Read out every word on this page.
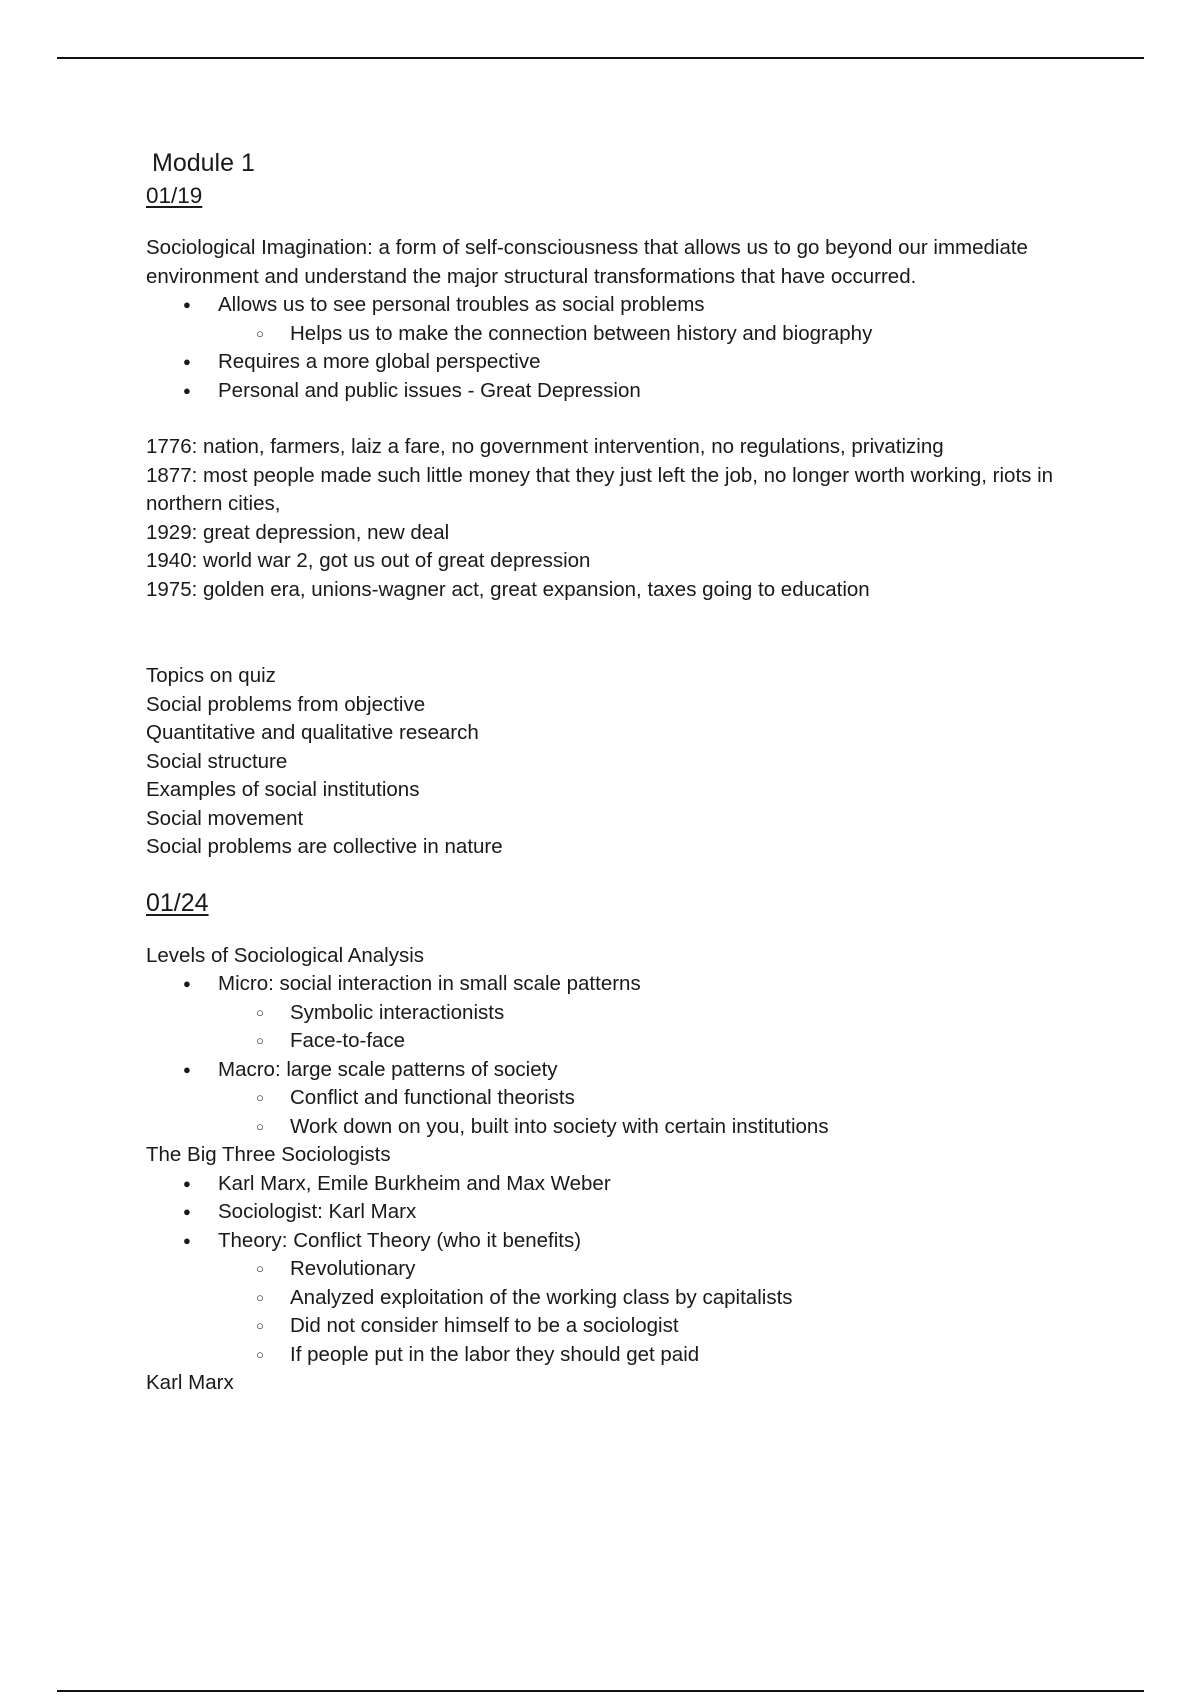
Module 1
01/19

Sociological Imagination: a form of self-consciousness that allows us to go beyond our immediate environment and understand the major structural transformations that have occurred.

● Allows us to see personal troubles as social problems
○ Helps us to make the connection between history and biography
● Requires a more global perspective
● Personal and public issues - Great Depression
1776: nation, farmers, laiz a fare, no government intervention, no regulations, privatizing
1877: most people made such little money that they just left the job, no longer worth working, riots in northern cities,
1929: great depression, new deal
1940: world war 2, got us out of great depression
1975: golden era, unions-wagner act, great expansion, taxes going to education
Topics on quiz
Social problems from objective
Quantitative and qualitative research
Social structure
Examples of social institutions
Social movement
Social problems are collective in nature
01/24
Levels of Sociological Analysis
● Micro: social interaction in small scale patterns
○ Symbolic interactionists
○ Face-to-face
● Macro: large scale patterns of society
○ Conflict and functional theorists
○ Work down on you, built into society with certain institutions
The Big Three Sociologists
● Karl Marx, Emile Burkheim and Max Weber
● Sociologist: Karl Marx
● Theory: Conflict Theory (who it benefits)
○ Revolutionary
○ Analyzed exploitation of the working class by capitalists
○ Did not consider himself to be a sociologist
○ If people put in the labor they should get paid
Karl Marx
